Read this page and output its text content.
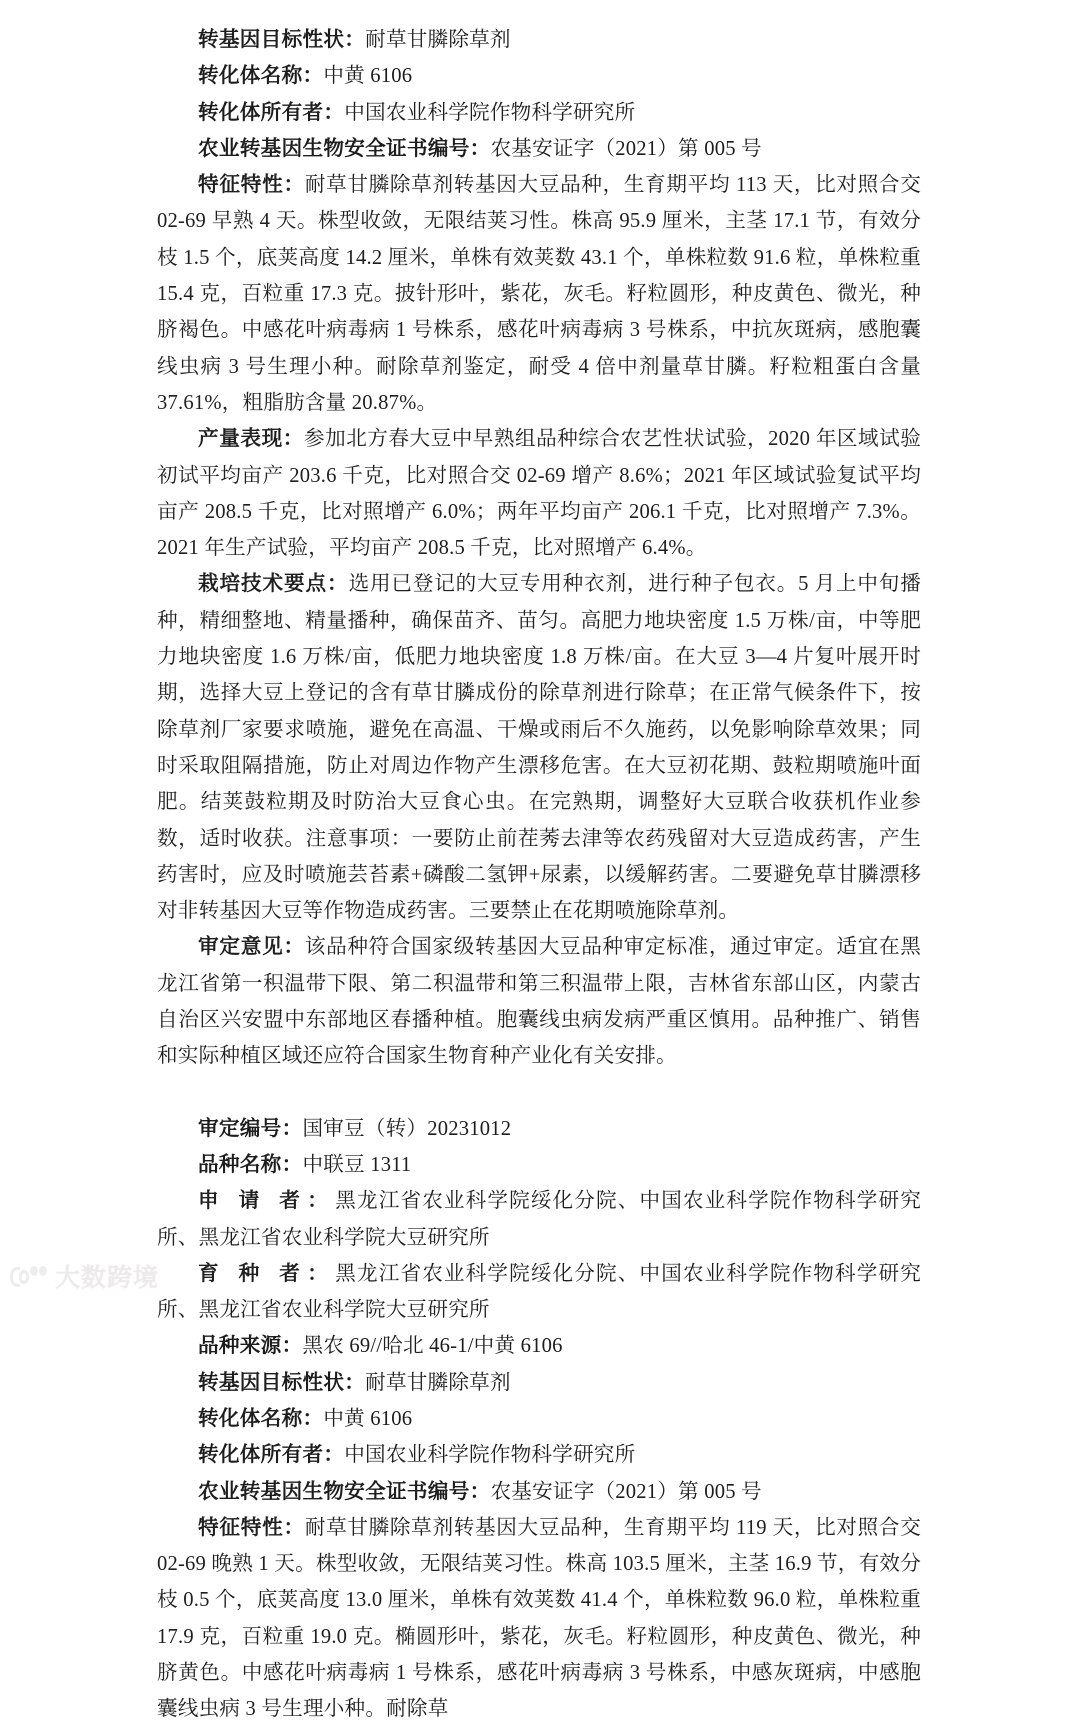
转基因目标性状：耐草甘膦除草剂

转化体名称：中黄 6106

转化体所有者：中国农业科学院作物科学研究所

农业转基因生物安全证书编号：农基安证字（2021）第 005 号

特征特性：耐草甘膦除草剂转基因大豆品种，生育期平均 113 天，比对照合交 02-69 早熟 4 天。株型收敛，无限结荚习性。株高 95.9 厘米，主茎 17.1 节，有效分枝 1.5 个，底荚高度 14.2 厘米，单株有效荚数 43.1 个，单株粒数 91.6 粒，单株粒重 15.4 克，百粒重 17.3 克。披针形叶，紫花，灰毛。籽粒圆形，种皮黄色、微光，种脐褐色。中感花叶病毒病 1 号株系，感花叶病毒病 3 号株系，中抗灰斑病，感胞囊线虫病 3 号生理小种。耐除草剂鉴定，耐受 4 倍中剂量草甘膦。籽粒粗蛋白含量 37.61%，粗脂肪含量 20.87%。

产量表现：参加北方春大豆中早熟组品种综合农艺性状试验，2020 年区域试验初试平均亩产 203.6 千克，比对照合交 02-69 增产 8.6%；2021 年区域试验复试平均亩产 208.5 千克，比对照增产 6.0%；两年平均亩产 206.1 千克，比对照增产 7.3%。2021 年生产试验，平均亩产 208.5 千克，比对照增产 6.4%。

栽培技术要点：选用已登记的大豆专用种衣剂，进行种子包衣。5 月上中旬播种，精细整地、精量播种，确保苗齐、苗匀。高肥力地块密度 1.5 万株/亩，中等肥力地块密度 1.6 万株/亩，低肥力地块密度 1.8 万株/亩。在大豆 3—4 片复叶展开时期，选择大豆上登记的含有草甘膦成份的除草剂进行除草；在正常气候条件下，按除草剂厂家要求喷施，避免在高温、干燥或雨后不久施药，以免影响除草效果；同时采取阻隔措施，防止对周边作物产生漂移危害。在大豆初花期、鼓粒期喷施叶面肥。结荚鼓粒期及时防治大豆食心虫。在完熟期，调整好大豆联合收获机作业参数，适时收获。注意事项：一要防止前茬莠去津等农药残留对大豆造成药害，产生药害时，应及时喷施芸苔素+磷酸二氢钾+尿素，以缓解药害。二要避免草甘膦漂移对非转基因大豆等作物造成药害。三要禁止在花期喷施除草剂。

审定意见：该品种符合国家级转基因大豆品种审定标准，通过审定。适宜在黑龙江省第一积温带下限、第二积温带和第三积温带上限，吉林省东部山区，内蒙古自治区兴安盟中东部地区春播种植。胞囊线虫病发病严重区慎用。品种推广、销售和实际种植区域还应符合国家生物育种产业化有关安排。

审定编号：国审豆（转）20231012

品种名称：中联豆 1311

申 请 者：黑龙江省农业科学院绥化分院、中国农业科学院作物科学研究所、黑龙江省农业科学院大豆研究所

育 种 者：黑龙江省农业科学院绥化分院、中国农业科学院作物科学研究所、黑龙江省农业科学院大豆研究所

品种来源：黑农 69//哈北 46-1/中黄 6106

转基因目标性状：耐草甘膦除草剂

转化体名称：中黄 6106

转化体所有者：中国农业科学院作物科学研究所

农业转基因生物安全证书编号：农基安证字（2021）第 005 号

特征特性：耐草甘膦除草剂转基因大豆品种，生育期平均 119 天，比对照合交 02-69 晚熟 1 天。株型收敛，无限结荚习性。株高 103.5 厘米，主茎 16.9 节，有效分枝 0.5 个，底荚高度 13.0 厘米，单株有效荚数 41.4 个，单株粒数 96.0 粒，单株粒重 17.9 克，百粒重 19.0 克。椭圆形叶，紫花，灰毛。籽粒圆形，种皮黄色、微光，种脐黄色。中感花叶病毒病 1 号株系，感花叶病毒病 3 号株系，中感灰斑病，中感胞囊线虫病 3 号生理小种。耐除草

大数跨境
